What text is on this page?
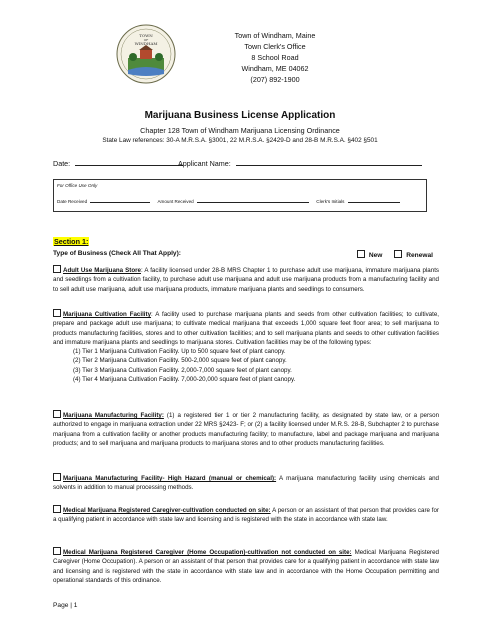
TOWN
OF
WINDHAM
Town of Windham, Maine
Town Clerk's Office
8 School Road
Windham, ME 04062
(207) 892-1900
Marijuana Business License Application
Chapter 128 Town of Windham Marijuana Licensing Ordinance
State Law references: 30-A M.R.S.A. §3001, 22 M.R.S.A. §2429-D and 28-B M.R.S.A. §402 §501
Date:	Applicant Name:
For Office Use Only
Date Received	Amount Received	Clerk's Initials
Section 1:
Type of Business (Check All That Apply):	New	Renewal
Adult Use Marijuana Store: A facility licensed under 28-B MRS Chapter 1 to purchase adult use marijuana, immature marijuana plants and seedlings from a cultivation facility, to purchase adult use marijuana and adult use marijuana products from a manufacturing facility and to sell adult use marijuana, adult use marijuana products, immature marijuana plants and seedlings to consumers.
Marijuana Cultivation Facility: A facility used to purchase marijuana plants and seeds from other cultivation facilities; to cultivate, prepare and package adult use marijuana; to cultivate medical marijuana that exceeds 1,000 square feet floor area; to sell marijuana to products manufacturing facilities, stores and to other cultivation facilities; and to sell marijuana plants and seeds to other cultivation facilities and immature marijuana plants and seedlings to marijuana stores. Cultivation facilities may be of the following types:
(1) Tier 1 Marijuana Cultivation Facility. Up to 500 square feet of plant canopy.
(2) Tier 2 Marijuana Cultivation Facility. 500-2,000 square feet of plant canopy.
(3) Tier 3 Marijuana Cultivation Facility. 2,000-7,000 square feet of plant canopy.
(4) Tier 4 Marijuana Cultivation Facility. 7,000-20,000 square feet of plant canopy.
Marijuana Manufacturing Facility: (1) a registered tier 1 or tier 2 manufacturing facility, as designated by state law, or a person authorized to engage in marijuana extraction under 22 MRS §2423- F; or (2) a facility licensed under M.R.S. 28-B, Subchapter 2 to purchase marijuana from a cultivation facility or another products manufacturing facility; to manufacture, label and package marijuana and marijuana products; and to sell marijuana and marijuana products to marijuana stores and to other products manufacturing facilities.
Marijuana Manufacturing Facility- High Hazard (manual or chemical): A marijuana manufacturing facility using chemicals and solvents in addition to manual processing methods.
Medical Marijuana Registered Caregiver-cultivation conducted on site: A person or an assistant of that person that provides care for a qualifying patient in accordance with state law and licensing and is registered with the state in accordance with state law.
Medical Marijuana Registered Caregiver (Home Occupation)-cultivation not conducted on site: Medical Marijuana Registered Caregiver (Home Occupation). A person or an assistant of that person that provides care for a qualifying patient in accordance with state law and licensing and is registered with the state in accordance with state law and in accordance with the Home Occupation permitting and operational standards of this ordinance.
Page | 1
